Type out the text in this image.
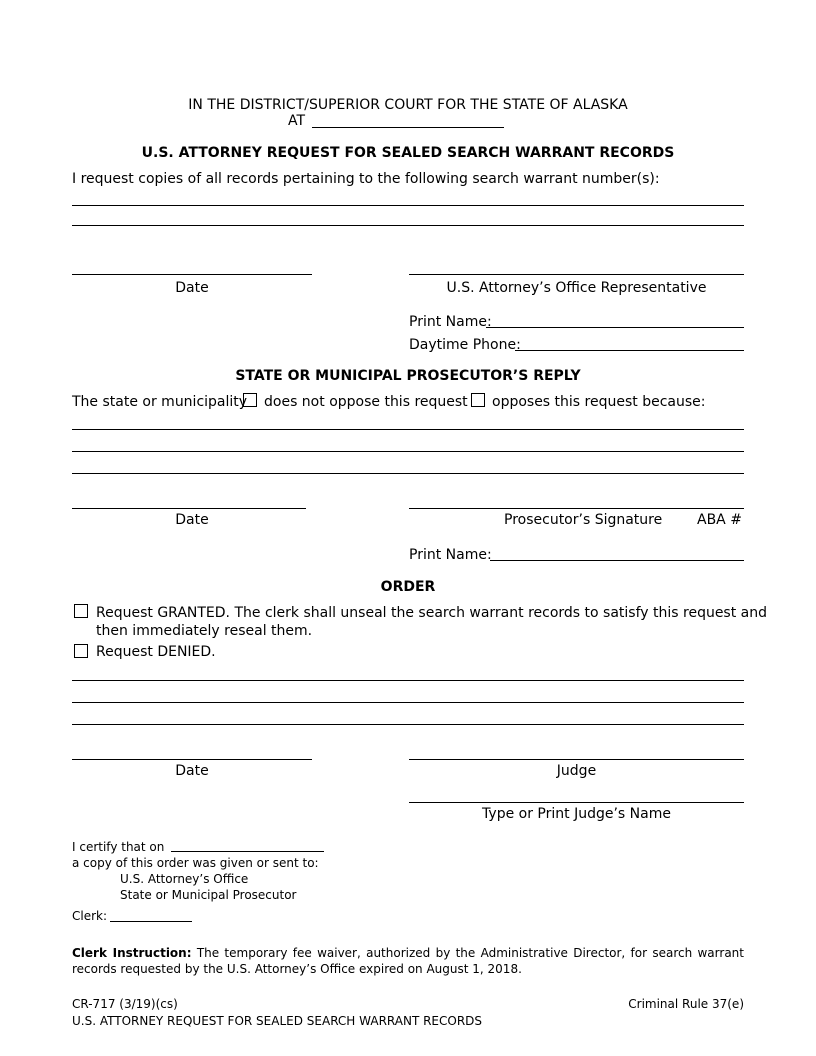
IN THE DISTRICT/SUPERIOR COURT FOR THE STATE OF ALASKA
AT
U.S. ATTORNEY REQUEST FOR SEALED SEARCH WARRANT RECORDS
I request copies of all records pertaining to the following search warrant number(s):
Date	U.S. Attorney’s Office Representative
Print Name:
Daytime Phone:
STATE OR MUNICIPAL PROSECUTOR’S REPLY
The state or municipality does not oppose this request opposes this request because:
Date	Prosecutor’s Signature ABA #
Print Name:
ORDER
Request GRANTED. The clerk shall unseal the search warrant records to satisfy this request and
then immediately reseal them.
Request DENIED.
Date	Judge
Type or Print Judge’s Name
I certify that on
a copy of this order was given or sent to:
U.S. Attorney’s Office
State or Municipal Prosecutor
Clerk:
Clerk Instruction: The temporary fee waiver, authorized by the Administrative Director, for search warrant
records requested by the U.S. Attorney’s Office expired on August 1, 2018.
CR-717 (3/19)(cs)	Criminal Rule 37(e)
U.S. ATTORNEY REQUEST FOR SEALED SEARCH WARRANT RECORDS
